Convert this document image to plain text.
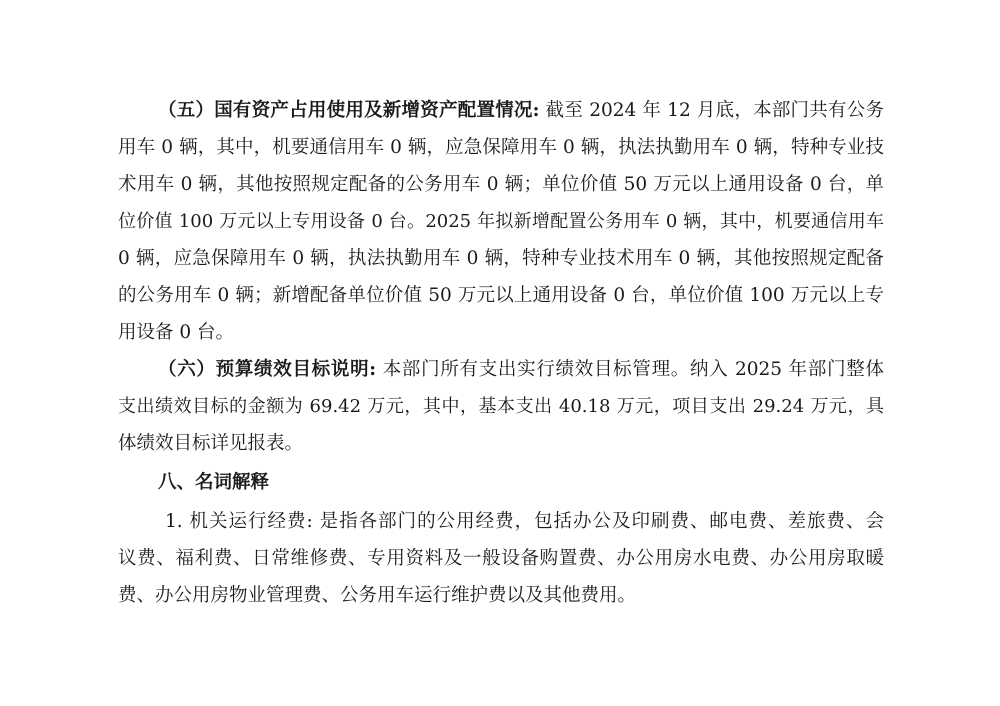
（五）国有资产占用使用及新增资产配置情况: 截至 2024 年 12 月底，本部门共有公务
用车 0 辆，其中，机要通信用车 0 辆，应急保障用车 0 辆，执法执勤用车 0 辆，特种专业技
术用车 0 辆，其他按照规定配备的公务用车 0 辆；单位价值 50 万元以上通用设备 0 台，单
位价值 100 万元以上专用设备 0 台。2025 年拟新增配置公务用车 0 辆，其中，机要通信用车
0 辆，应急保障用车 0 辆，执法执勤用车 0 辆，特种专业技术用车 0 辆，其他按照规定配备
的公务用车 0 辆；新增配备单位价值 50 万元以上通用设备 0 台，单位价值 100 万元以上专
用设备 0 台。
（六）预算绩效目标说明: 本部门所有支出实行绩效目标管理。纳入 2025 年部门整体
支出绩效目标的金额为 69.42 万元，其中，基本支出 40.18 万元，项目支出 29.24 万元，具
体绩效目标详见报表。
八、名词解释
1. 机关运行经费: 是指各部门的公用经费，包括办公及印刷费、邮电费、差旅费、会
议费、福利费、日常维修费、专用资料及一般设备购置费、办公用房水电费、办公用房取暖
费、办公用房物业管理费、公务用车运行维护费以及其他费用。
